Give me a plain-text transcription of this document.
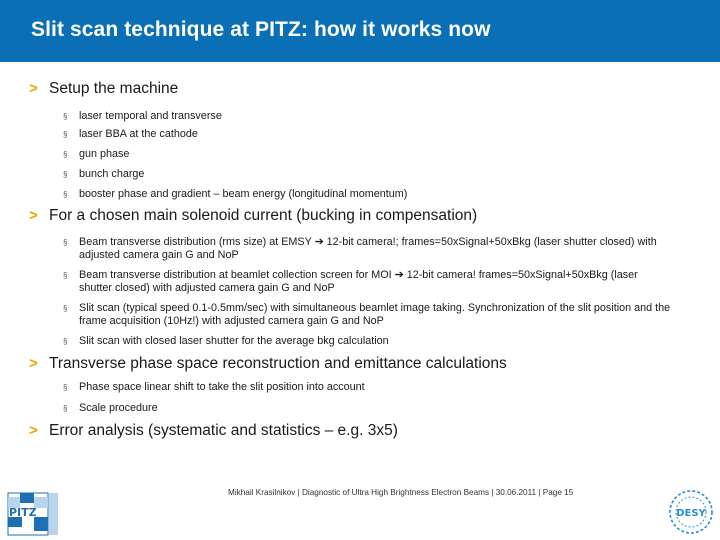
Slit scan technique at PITZ: how it works now
> Setup the machine
§ laser temporal and transverse
§ laser BBA at the cathode
§ gun phase
§ bunch charge
§ booster phase and gradient – beam energy (longitudinal momentum)
> For a chosen main solenoid current (bucking in compensation)
§ Beam transverse distribution (rms size) at EMSY ➔ 12-bit camera!; frames=50xSignal+50xBkg (laser shutter closed) with adjusted camera gain G and NoP
§ Beam transverse distribution at beamlet collection screen for MOI ➔ 12-bit camera! frames=50xSignal+50xBkg (laser shutter closed) with adjusted camera gain G and NoP
§ Slit scan (typical speed 0.1-0.5mm/sec) with simultaneous beamlet image taking. Synchronization of the slit position and the frame acquisition (10Hz!) with adjusted camera gain G and NoP
§ Slit scan with closed laser shutter for the average bkg calculation
> Transverse phase space reconstruction and emittance calculations
§ Phase space linear shift to take the slit position into account
§ Scale procedure
> Error analysis (systematic and statistics – e.g. 3x5)
PITZ
Mikhail Krasilnikov | Diagnostic of Ultra High Brightness Electron Beams | 30.06.2011 | Page 15
DESY
